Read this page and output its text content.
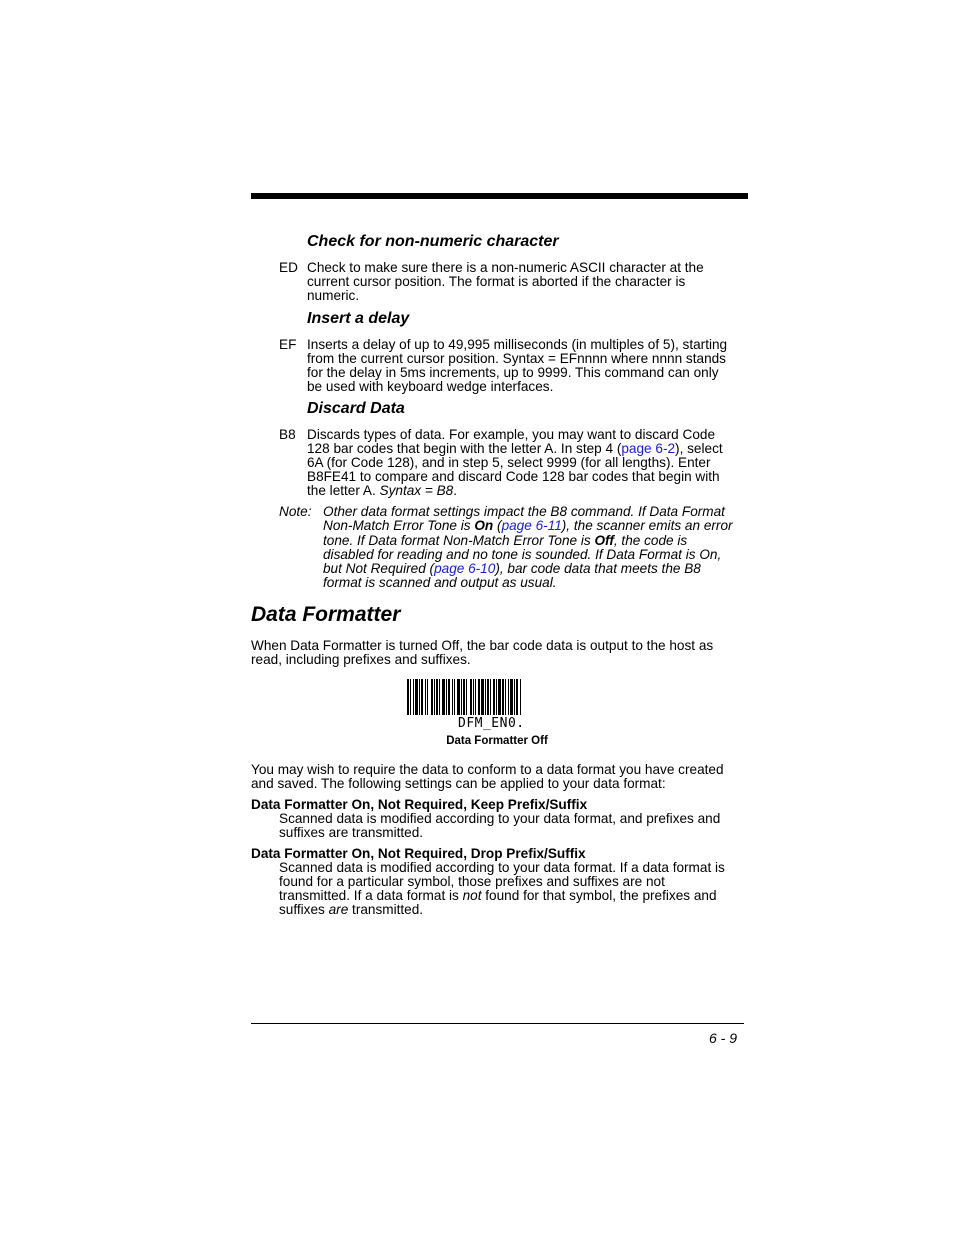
Check for non-numeric character
ED Check to make sure there is a non-numeric ASCII character at the
current cursor position. The format is aborted if the character is
numeric.
Insert a delay
EF Inserts a delay of up to 49,995 milliseconds (in multiples of 5), starting
from the current cursor position. Syntax = EFnnnn where nnnn stands
for the delay in 5ms increments, up to 9999. This command can only
be used with keyboard wedge interfaces.
Discard Data
B8 Discards types of data. For example, you may want to discard Code
128 bar codes that begin with the letter A. In step 4 (page 6-2), select
6A (for Code 128), and in step 5, select 9999 (for all lengths). Enter
B8FE41 to compare and discard Code 128 bar codes that begin with
the letter A. Syntax = B8.
Note: Other data format settings impact the B8 command. If Data Format
Non-Match Error Tone is On (page 6-11), the scanner emits an error
tone. If Data format Non-Match Error Tone is Off, the code is
disabled for reading and no tone is sounded. If Data Format is On,
but Not Required (page 6-10), bar code data that meets the B8
format is scanned and output as usual.
Data Formatter
When Data Formatter is turned Off, the bar code data is output to the host as
read, including prefixes and suffixes.
DFM_EN0.
Data Formatter Off
You may wish to require the data to conform to a data format you have created
and saved. The following settings can be applied to your data format:
Data Formatter On, Not Required, Keep Prefix/Suffix
Scanned data is modified according to your data format, and prefixes and
suffixes are transmitted.
Data Formatter On, Not Required, Drop Prefix/Suffix
Scanned data is modified according to your data format. If a data format is
found for a particular symbol, those prefixes and suffixes are not
transmitted. If a data format is not found for that symbol, the prefixes and
suffixes are transmitted.
6 - 9
